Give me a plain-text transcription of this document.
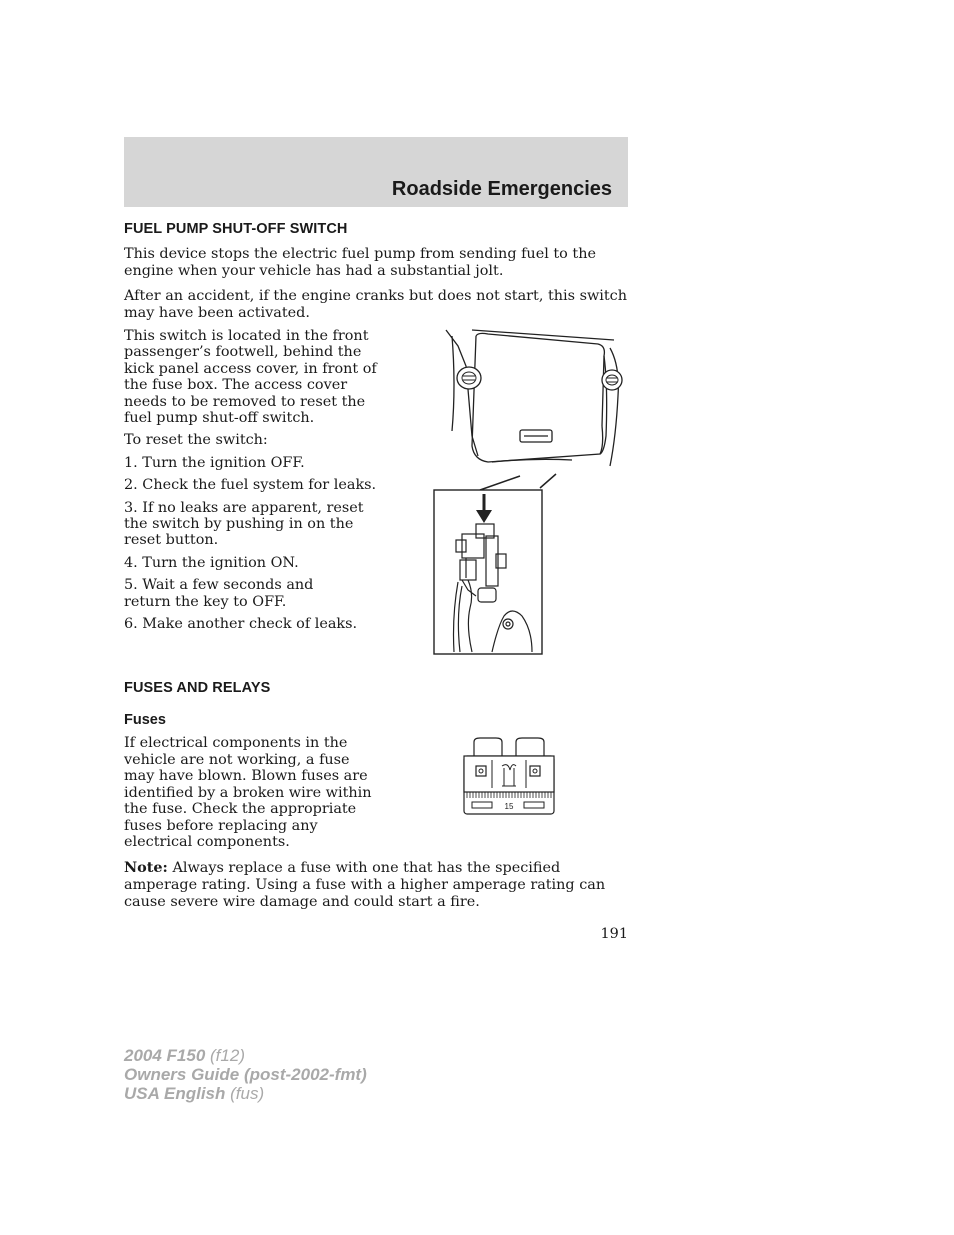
Roadside Emergencies
FUEL PUMP SHUT-OFF SWITCH

This device stops the electric fuel pump from sending fuel to the engine when your vehicle has had a substantial jolt.

After an accident, if the engine cranks but does not start, this switch may have been activated.

This switch is located in the front passenger’s footwell, behind the kick panel access cover, in front of the fuse box. The access cover needs to be removed to reset the fuel pump shut-off switch.

To reset the switch:

1. Turn the ignition OFF.

2. Check the fuel system for leaks.

3. If no leaks are apparent, reset the switch by pushing in on the reset button.

4. Turn the ignition ON.

5. Wait a few seconds and return the key to OFF.

6. Make another check of leaks.

FUSES AND RELAYS
Fuses

If electrical components in the vehicle are not working, a fuse may have blown. Blown fuses are identified by a broken wire within the fuse. Check the appropriate fuses before replacing any electrical components.

15

Note: Always replace a fuse with one that has the specified amperage rating. Using a fuse with a higher amperage rating can cause severe wire damage and could start a fire.

191
2004 F150 (f12)
Owners Guide (post-2002-fmt)
USA English (fus)
